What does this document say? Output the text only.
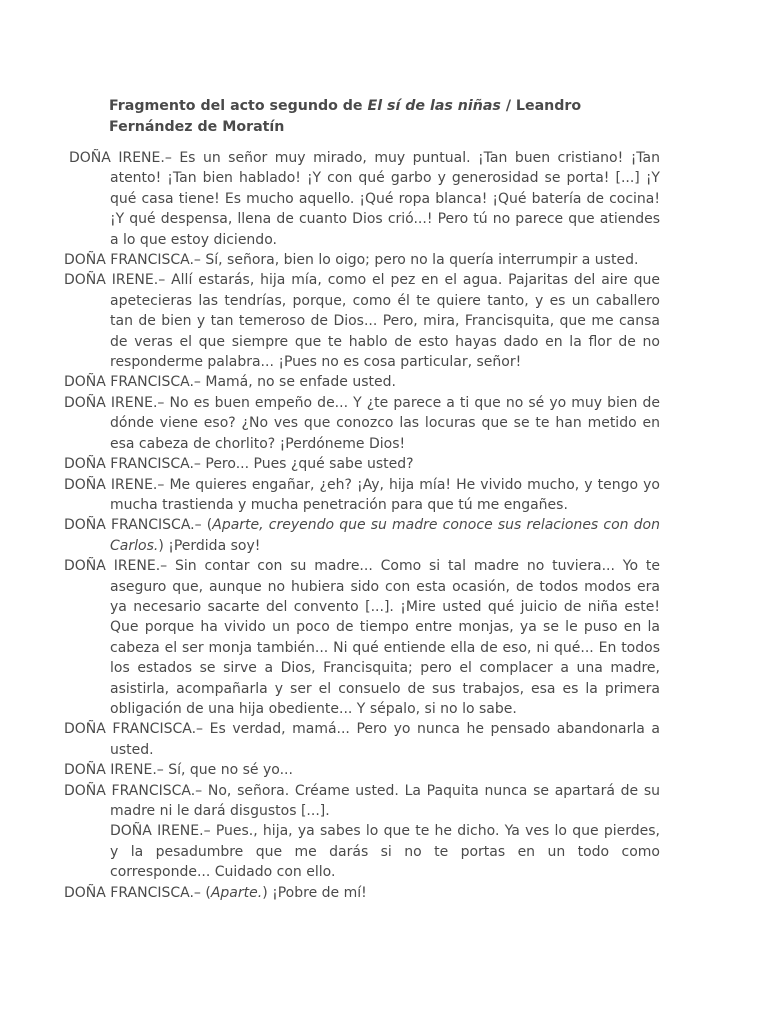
Fragmento del acto segundo de El sí de las niñas / Leandro Fernández de Moratín

DOÑA IRENE.– Es un señor muy mirado, muy puntual. ¡Tan buen cristiano! ¡Tan atento! ¡Tan bien hablado! ¡Y con qué garbo y generosidad se porta! [...] ¡Y qué casa tiene! Es mucho aquello. ¡Qué ropa blanca! ¡Qué batería de cocina! ¡Y qué despensa, llena de cuanto Dios crió...! Pero tú no parece que atiendes a lo que estoy diciendo.

DOÑA FRANCISCA.– Sí, señora, bien lo oigo; pero no la quería interrumpir a usted.

DOÑA IRENE.– Allí estarás, hija mía, como el pez en el agua. Pajaritas del aire que apetecieras las tendrías, porque, como él te quiere tanto, y es un caballero tan de bien y tan temeroso de Dios... Pero, mira, Francisquita, que me cansa de veras el que siempre que te hablo de esto hayas dado en la flor de no responderme palabra... ¡Pues no es cosa particular, señor!

DOÑA FRANCISCA.– Mamá, no se enfade usted.

DOÑA IRENE.– No es buen empeño de... Y ¿te parece a ti que no sé yo muy bien de dónde viene eso? ¿No ves que conozco las locuras que se te han metido en esa cabeza de chorlito? ¡Perdóneme Dios!

DOÑA FRANCISCA.– Pero... Pues ¿qué sabe usted?

DOÑA IRENE.– Me quieres engañar, ¿eh? ¡Ay, hija mía! He vivido mucho, y tengo yo mucha trastienda y mucha penetración para que tú me engañes.

DOÑA FRANCISCA.– (Aparte, creyendo que su madre conoce sus relaciones con don Carlos.) ¡Perdida soy!

DOÑA IRENE.– Sin contar con su madre... Como si tal madre no tuviera... Yo te aseguro que, aunque no hubiera sido con esta ocasión, de todos modos era ya necesario sacarte del convento [...]. ¡Mire usted qué juicio de niña este! Que porque ha vivido un poco de tiempo entre monjas, ya se le puso en la cabeza el ser monja también... Ni qué entiende ella de eso, ni qué... En todos los estados se sirve a Dios, Francisquita; pero el complacer a una madre, asistirla, acompañarla y ser el consuelo de sus trabajos, esa es la primera obligación de una hija obediente... Y sépalo, si no lo sabe.

DOÑA FRANCISCA.– Es verdad, mamá... Pero yo nunca he pensado abandonarla a usted.

DOÑA IRENE.– Sí, que no sé yo...

DOÑA FRANCISCA.– No, señora. Créame usted. La Paquita nunca se apartará de su madre ni le dará disgustos [...].

DOÑA IRENE.– Pues., hija, ya sabes lo que te he dicho. Ya ves lo que pierdes, y la pesadumbre que me darás si no te portas en un todo como corresponde... Cuidado con ello.

DOÑA FRANCISCA.– (Aparte.) ¡Pobre de mí!
